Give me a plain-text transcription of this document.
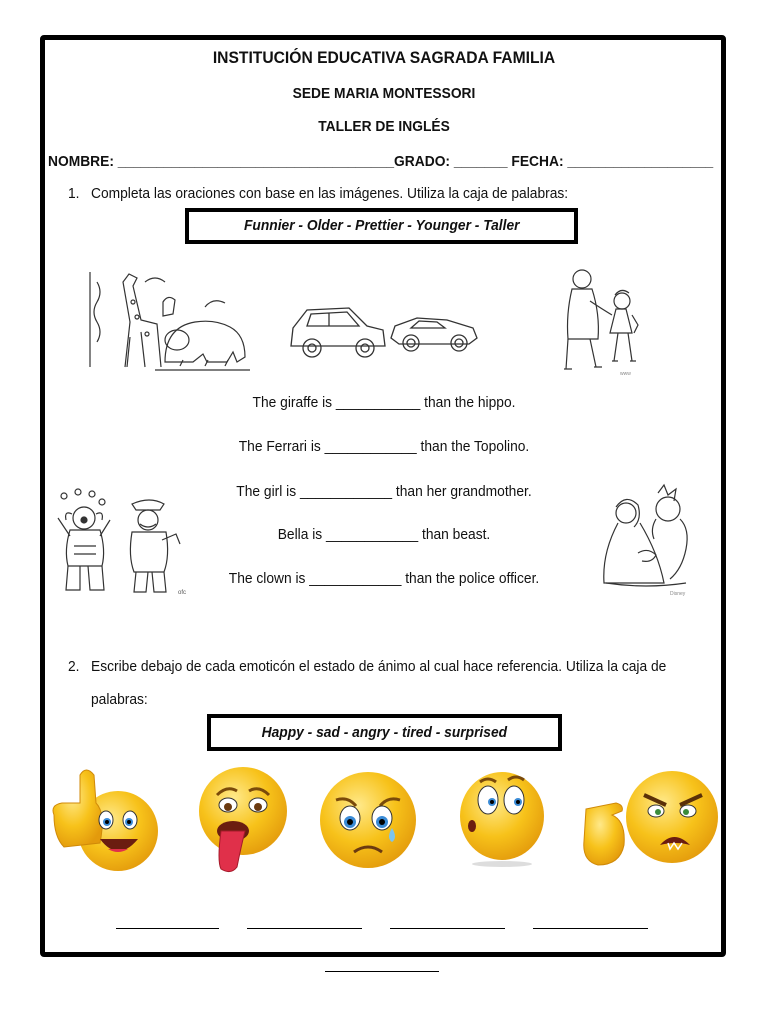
INSTITUCIÓN EDUCATIVA SAGRADA FAMILIA
SEDE MARIA MONTESSORI
TALLER DE INGLÉS
NOMBRE: ____________________________________GRADO: _______ FECHA: ___________________
1. Completa las oraciones con base en las imágenes. Utiliza la caja de palabras:
Funnier - Older - Prettier - Younger - Taller
www
ofc	Disney
The giraffe is ___________ than the hippo.
The Ferrari is ____________ than the Topolino.
The girl is ____________ than her grandmother.
Bella is ____________ than beast.
The clown is ____________ than the police officer.
2. Escribe debajo de cada emoticón el estado de ánimo al cual hace referencia. Utiliza la caja de
palabras:
Happy - sad - angry - tired - surprised
